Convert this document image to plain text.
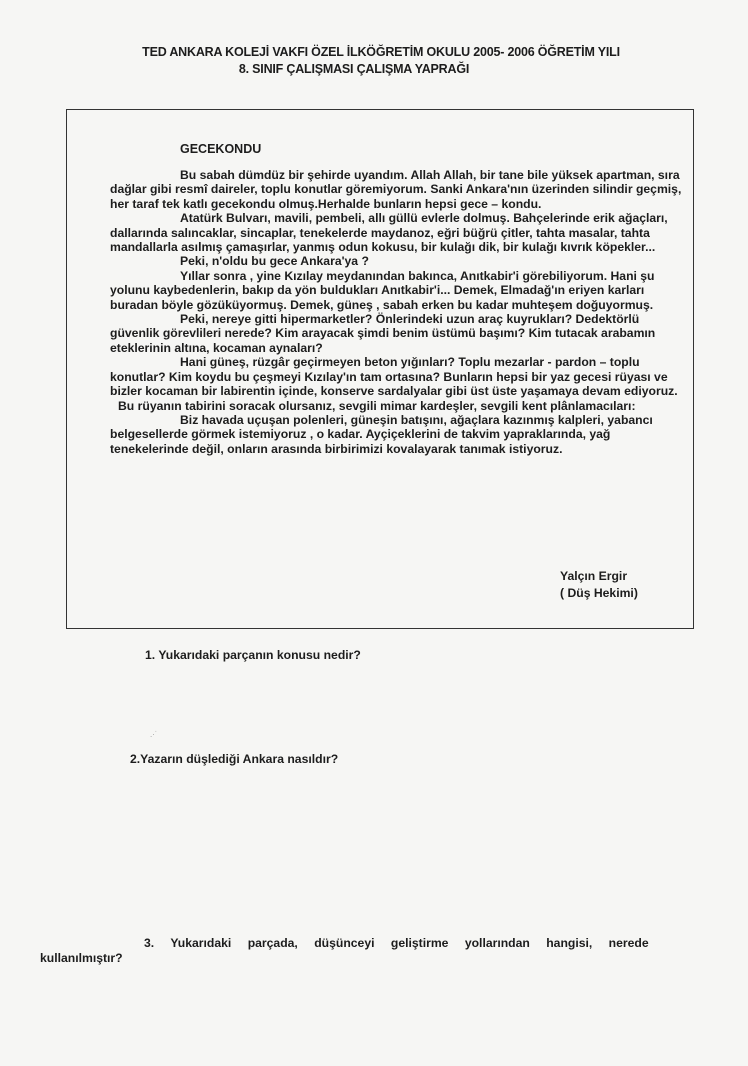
TED ANKARA KOLEJİ VAKFI ÖZEL İLKÖĞRETİM OKULU 2005- 2006 ÖĞRETİM YILI
8. SINIF ÇALIŞMASI ÇALIŞMA YAPRAĞI
GECEKONDU

Bu sabah dümdüz bir şehirde uyandım. Allah Allah, bir tane bile yüksek apartman, sıra dağlar gibi resmî daireler, toplu konutlar göremiyorum. Sanki Ankara'nın üzerinden silindir geçmiş, her taraf tek katlı gecekondu olmuş.Herhalde bunların hepsi gece – kondu.

Atatürk Bulvarı, mavili, pembeli, allı güllü evlerle dolmuş. Bahçelerinde erik ağaçları, dallarında salıncaklar, sincaplar, tenekelerde maydanoz, eğri büğrü çitler, tahta masalar, tahta mandallarla asılmış çamaşırlar, yanmış odun kokusu, bir kulağı dik, bir kulağı kıvrık köpekler...

Peki, n'oldu bu gece Ankara'ya ?

Yıllar sonra , yine Kızılay meydanından bakınca, Anıtkabir'i görebiliyorum. Hani şu yolunu kaybedenlerin, bakıp da yön buldukları Anıtkabir'i... Demek, Elmadağ'ın eriyen karları buradan böyle gözüküyormuş. Demek, güneş , sabah erken bu kadar muhteşem doğuyormuş.

Peki, nereye gitti hipermarketler? Önlerindeki uzun araç kuyrukları? Dedektörlü güvenlik görevlileri nerede? Kim arayacak şimdi benim üstümü başımı? Kim tutacak arabamın eteklerinin altına, kocaman aynaları?

Hani güneş, rüzgâr geçirmeyen beton yığınları? Toplu mezarlar - pardon – toplu konutlar? Kim koydu bu çeşmeyi Kızılay'ın tam ortasına? Bunların hepsi bir yaz gecesi rüyası ve bizler kocaman bir labirentin içinde, konserve sardalyalar gibi üst üste yaşamaya devam ediyoruz.

Bu rüyanın tabirini soracak olursanız, sevgili mimar kardeşler, sevgili kent plânlamacıları:

Biz havada uçuşan polenleri, güneşin batışını, ağaçlara kazınmış kalpleri, yabancı belgesellerde görmek istemiyoruz , o kadar. Ayçiçeklerini de takvim yapraklarında, yağ tenekelerinde değil, onların arasında birbirimizi kovalayarak tanımak istiyoruz.

Yalçın Ergir
( Düş Hekimi)
1. Yukarıdaki parçanın konusu nedir?
.·˙
2.Yazarın düşlediği Ankara nasıldır?
3. Yukarıdaki parçada, düşünceyi geliştirme yollarından hangisi, nerede
kullanılmıştır?
